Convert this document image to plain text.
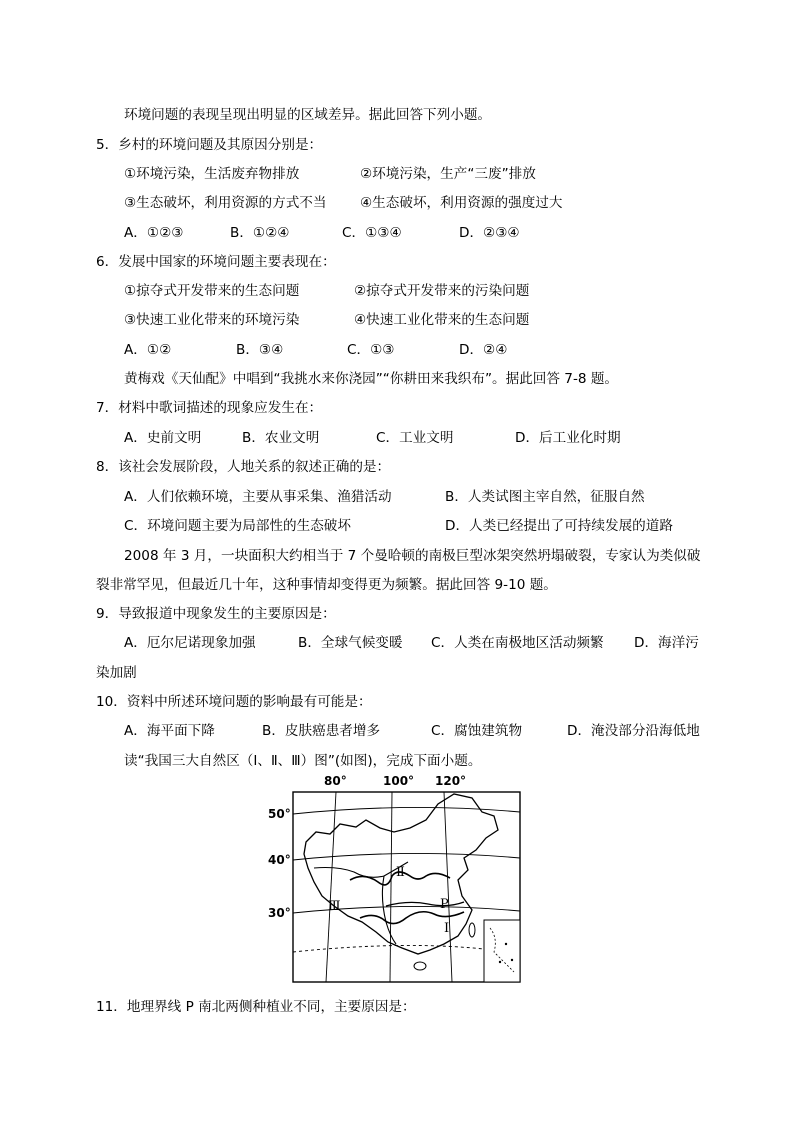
环境问题的表现呈现出明显的区域差异。据此回答下列小题。
5．乡村的环境问题及其原因分别是：
①环境污染，生活废弃物排放	②环境污染，生产“三废”排放
③生态破坏，利用资源的方式不当 ④生态破坏，利用资源的强度过大
A．①②③	B．①②④	C．①③④	D．②③④
6．发展中国家的环境问题主要表现在：
①掠夺式开发带来的生态问题	②掠夺式开发带来的污染问题
③快速工业化带来的环境污染	④快速工业化带来的生态问题
A．①②	B．③④	C．①③	D．②④
黄梅戏《天仙配》中唱到“我挑水来你浇园”“你耕田来我织布”。据此回答 7-8 题。
7．材料中歌词描述的现象应发生在：
A．史前文明	B．农业文明	C．工业文明	D．后工业化时期
8．该社会发展阶段，人地关系的叙述正确的是：
A．人们依赖环境，主要从事采集、渔猎活动	B．人类试图主宰自然，征服自然
C．环境问题主要为局部性的生态破坏	D．人类已经提出了可持续发展的道路
2008 年 3 月，一块面积大约相当于 7 个曼哈顿的南极巨型冰架突然坍塌破裂，专家认为类似破
裂非常罕见，但最近几十年，这种事情却变得更为频繁。据此回答 9-10 题。
9．导致报道中现象发生的主要原因是：
A．厄尔尼诺现象加强	B．全球气候变暖 C．人类在南极地区活动频繁 D．海洋污
染加剧
10．资料中所述环境问题的影响最有可能是：
A．海平面下降	B．皮肤癌患者增多	C．腐蚀建筑物	D．淹没部分沿海低地
读“我国三大自然区（Ⅰ、Ⅱ、Ⅲ）图”(如图)，完成下面小题。
80°	100° 120°
50°
40°
30°	Ⅲ
Ⅱ
Ⅰ
P
11．地理界线 P 南北两侧种植业不同，主要原因是：
